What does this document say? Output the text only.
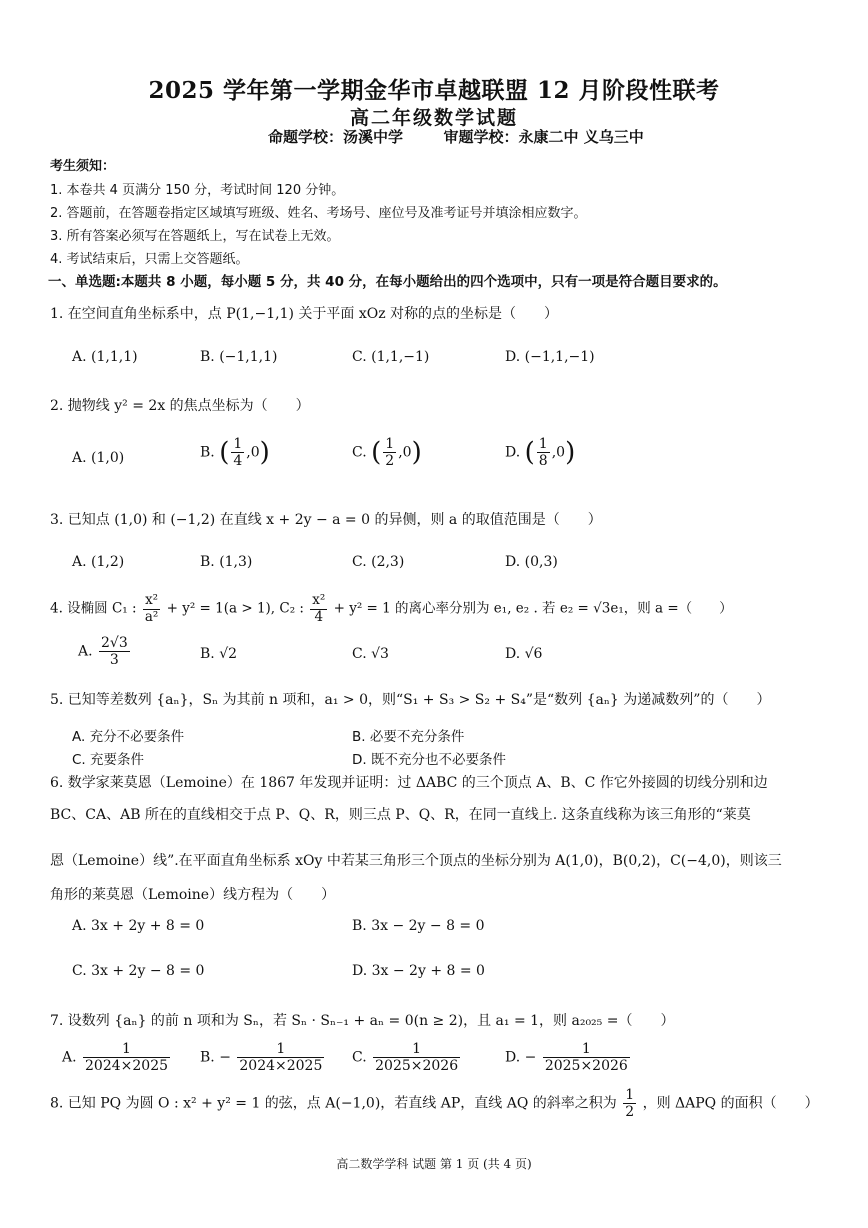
2025 学年第一学期金华市卓越联盟 12 月阶段性联考
高二年级数学试题
命题学校：汤溪中学	审题学校：永康二中 义乌三中
考生须知：
1. 本卷共 4 页满分 150 分，考试时间 120 分钟。
2. 答题前，在答题卷指定区域填写班级、姓名、考场号、座位号及准考证号并填涂相应数字。
3. 所有答案必须写在答题纸上，写在试卷上无效。
4. 考试结束后，只需上交答题纸。
一、单选题:本题共 8 小题，每小题 5 分，共 40 分，在每小题给出的四个选项中，只有一项是符合题目要求的。
1. 在空间直角坐标系中，点 P(1,−1,1) 关于平面 xOz 对称的点的坐标是（　　）
A. (1,1,1)	B. (−1,1,1)	C. (1,1,−1)	D. (−1,1,−1)
2. 抛物线 y² = 2x 的焦点坐标为（　　）
A. (1,0)	B. ( $\frac{1}{4} ,0$)	C. ( $\frac{1}{2} ,0$)	D. ( $\frac{1}{8} ,0$)
3. 已知点 (1,0) 和 (−1,2) 在直线 x + 2y − a = 0 的异侧，则 a 的取值范围是（　　）
A. (1,2)	B. (1,3)	C. (2,3)	D. (0,3)
4. 设椭圆 C₁ : $\frac{\text{x²}}{\text{a²}} + y^2 = 1(a > 1)$, C₂ : $\frac{\text{x²}}{4} + y^2 = 1$ 的离心率分别为 e₁, e₂ . 若 e₂ = √3e₁，则 a =（　　）
A. $\frac{2√3}{3}$	B. √2	C. √3	D. √6
5. 已知等差数列 {aₙ}，Sₙ 为其前 n 项和，a₁ > 0，则“S₁ + S₃ > S₂ + S₄”是“数列 {aₙ} 为递减数列”的（　　）
A. 充分不必要条件	B. 必要不充分条件
C. 充要条件	D. 既不充分也不必要条件
6. 数学家莱莫恩（Lemoine）在 1867 年发现并证明：过 ΔABC 的三个顶点 A、B、C 作它外接圆的切线分别和边
BC、CA、AB 所在的直线相交于点 P、Q、R，则三点 P、Q、R，在同一直线上. 这条直线称为该三角形的“莱莫
恩（Lemoine）线”.在平面直角坐标系 xOy 中若某三角形三个顶点的坐标分别为 A(1,0)，B(0,2)，C(−4,0)，则该三
角形的莱莫恩（Lemoine）线方程为（　　）
A. 3x + 2y + 8 = 0	B. 3x − 2y − 8 = 0
C. 3x + 2y − 8 = 0	D. 3x − 2y + 8 = 0
7. 设数列 {aₙ} 的前 n 项和为 Sₙ，若 Sₙ · Sₙ₋₁ + aₙ = 0(n ≥ 2)，且 a₁ = 1，则 a₂₀₂₅ =（　　）
A. $\frac{1}{2024\times 2025} B$. − $\frac{1}{2024\times 2025} C$. $\frac{1}{2025\times 2026}$	D. − $\frac{1}{2025\times 2026}$
8. 已知 PQ 为圆 O : x² + y² = 1 的弦，点 A(−1,0)，若直线 AP，直线 AQ 的斜率之积为 $\frac{1}{2}$ ，则 ΔAPQ 的面积（　　）
高二数学学科 试题 第 1 页 (共 4 页)
